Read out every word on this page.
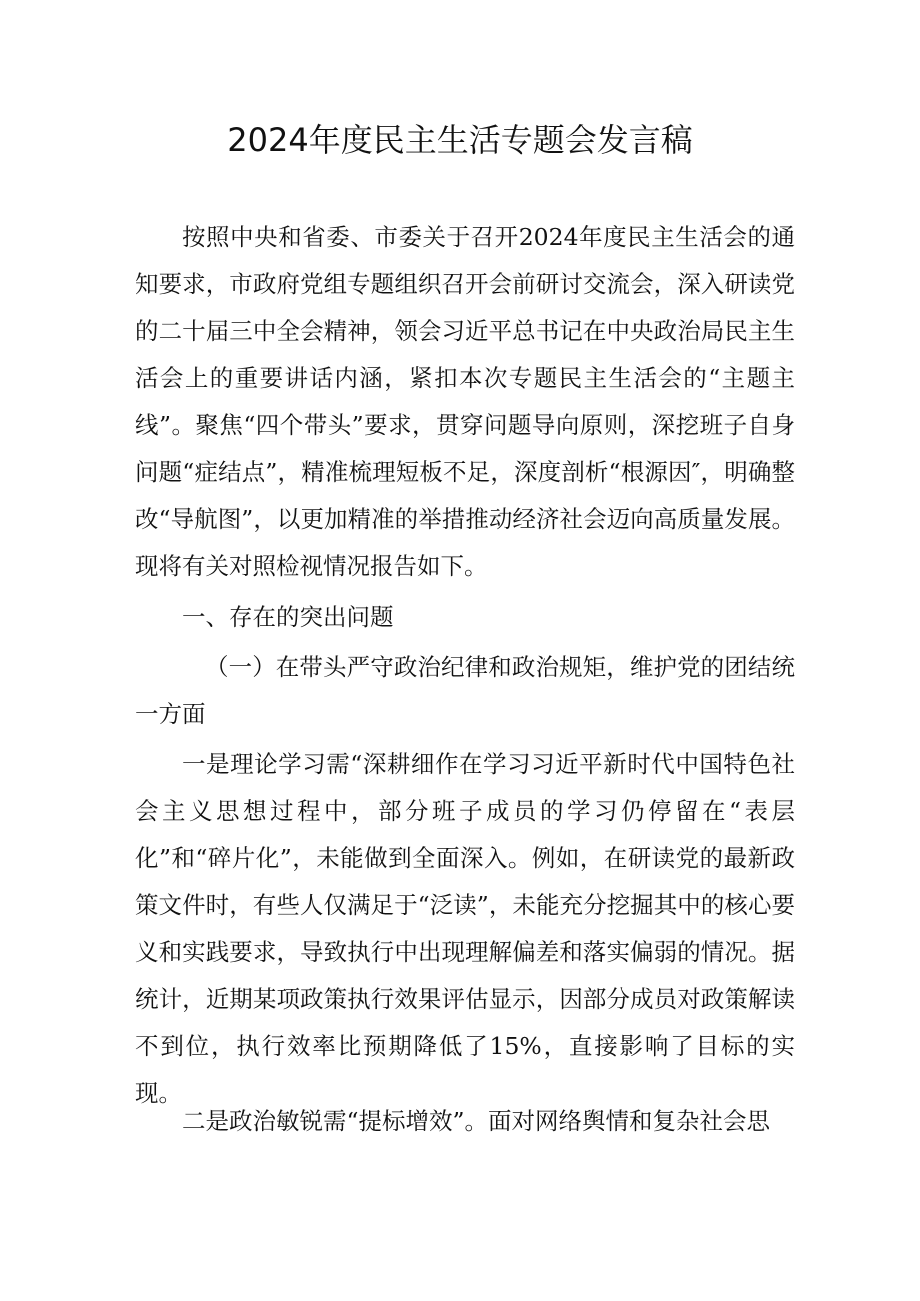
2024年度民主生活专题会发言稿

按照中央和省委、市委关于召开2024年度民主生活会的通知要求，市政府党组专题组织召开会前研讨交流会，深入研读党的二十届三中全会精神，领会习近平总书记在中央政治局民主生活会上的重要讲话内涵，紧扣本次专题民主生活会的“主题主线”。聚焦“四个带头”要求，贯穿问题导向原则，深挖班子自身问题“症结点”，精准梳理短板不足，深度剖析“根源因″，明确整改“导航图”，以更加精准的举措推动经济社会迈向高质量发展。现将有关对照检视情况报告如下。

一、存在的突出问题

（一）在带头严守政治纪律和政治规矩，维护党的团结统一方面

一是理论学习需“深耕细作在学习习近平新时代中国特色社会主义思想过程中，部分班子成员的学习仍停留在“表层化”和“碎片化”，未能做到全面深入。例如，在研读党的最新政策文件时，有些人仅满足于“泛读”，未能充分挖掘其中的核心要义和实践要求，导致执行中出现理解偏差和落实偏弱的情况。据统计，近期某项政策执行效果评估显示，因部分成员对政策解读不到位，执行效率比预期降低了15%，直接影响了目标的实现。

二是政治敏锐需“提标增效”。面对网络舆情和复杂社会思
